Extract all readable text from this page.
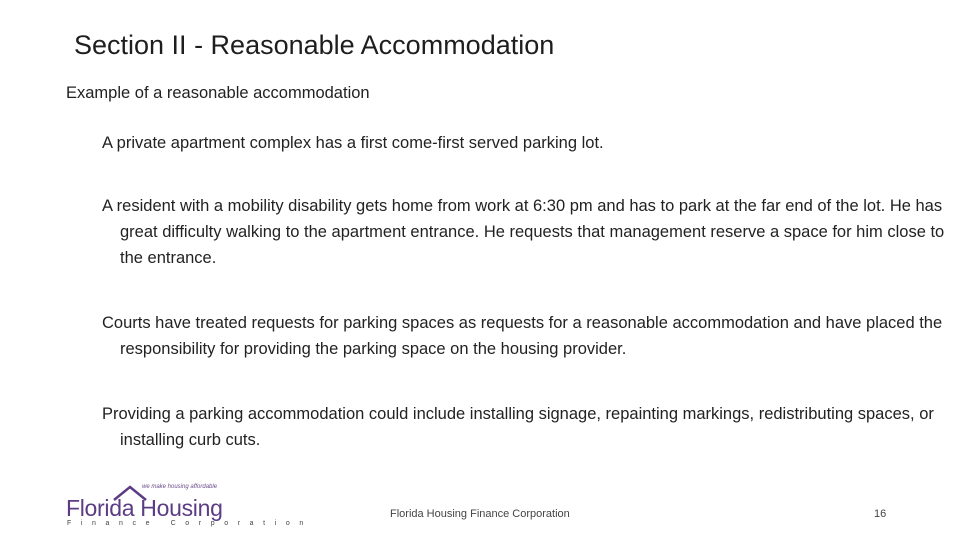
Section II - Reasonable Accommodation
Example of a reasonable accommodation
A private apartment complex has a first come-first served parking lot.
A resident with a mobility disability gets home from work at 6:30 pm and has to park at the far end of the lot. He has great difficulty walking to the apartment entrance. He requests that management reserve a space for him close to the entrance.
Courts have treated requests for parking spaces as requests for a reasonable accommodation and have placed the responsibility for providing the parking space on the housing provider.
Providing a parking accommodation could include installing signage, repainting markings, redistributing spaces, or installing curb cuts.
we make housing affordable
Florida Housing
Finance Corporation
Florida Housing Finance Corporation	16
